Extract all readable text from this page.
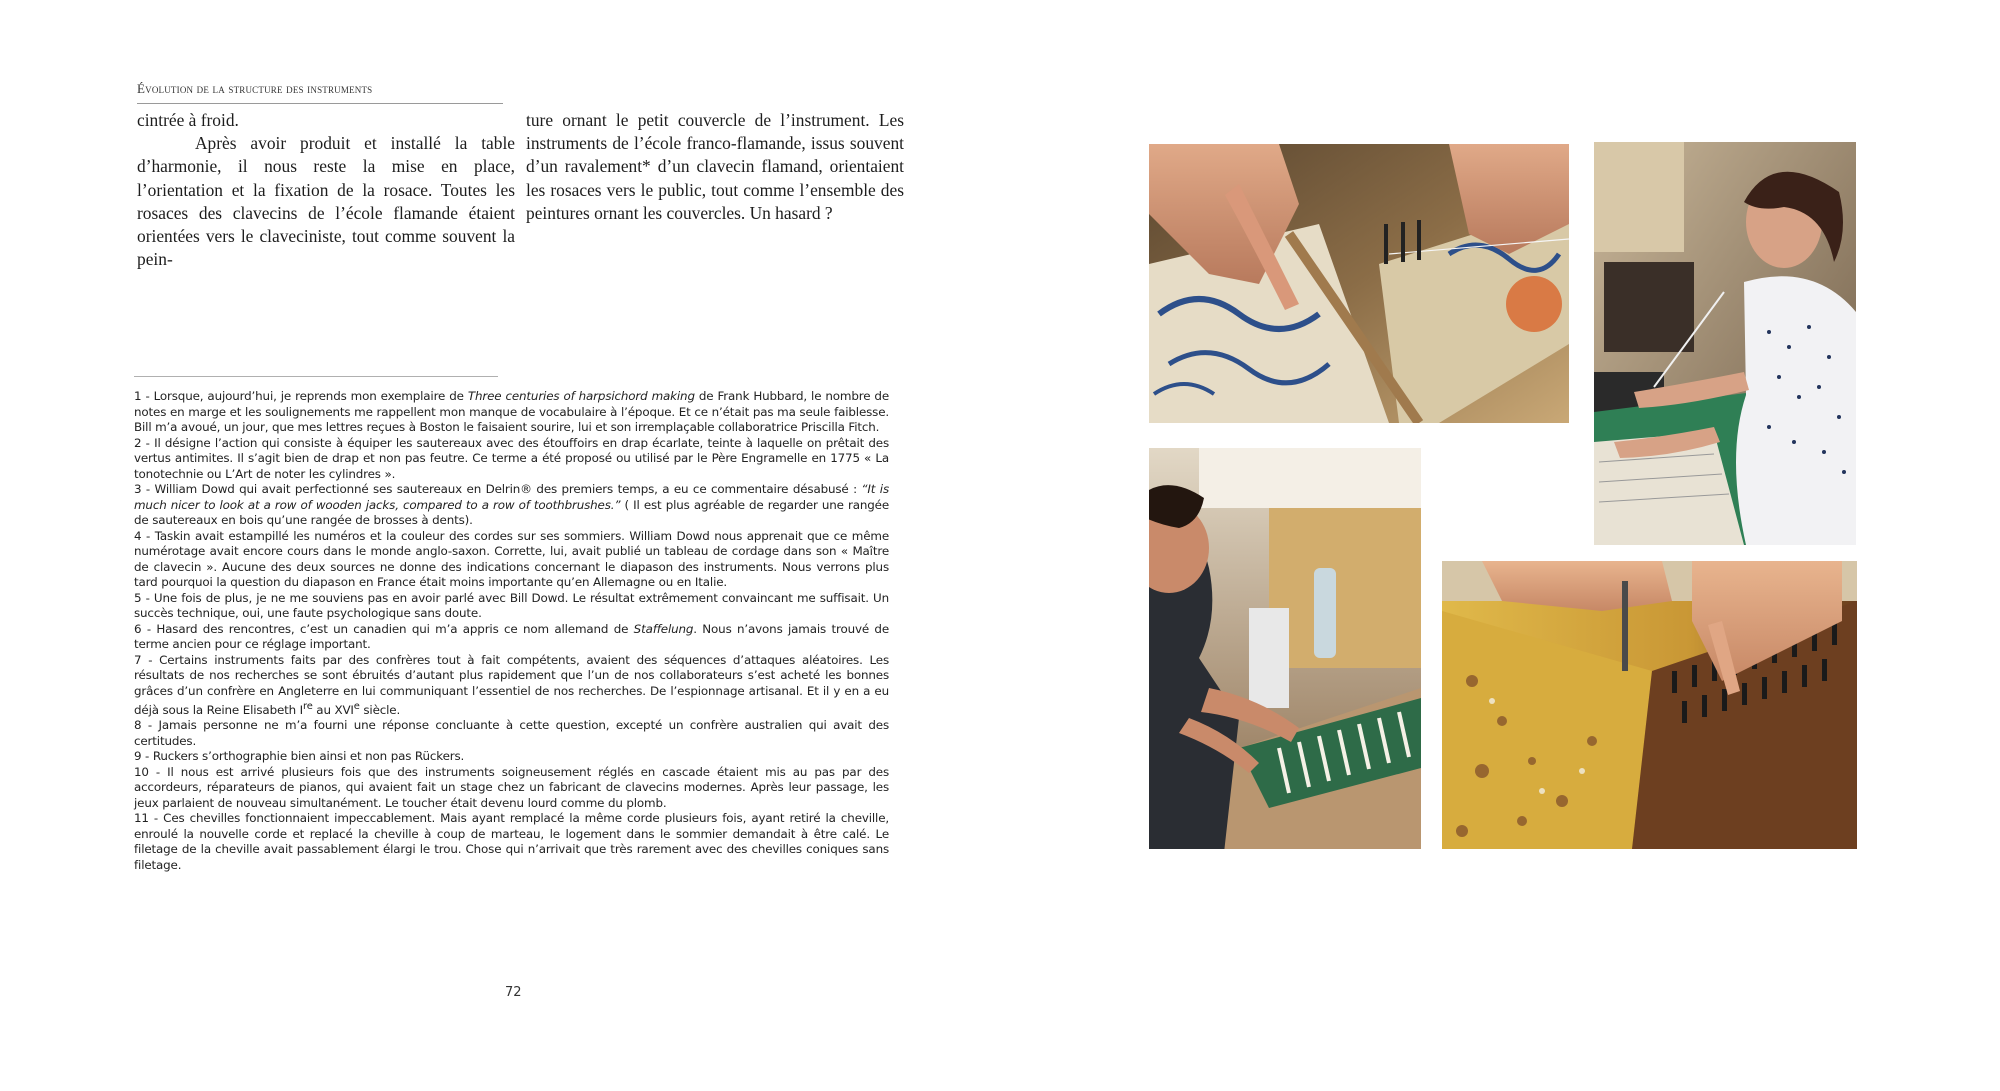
Évolution de la structure des instruments

cintrée à froid.

Après avoir produit et installé la table d’harmonie, il nous reste la mise en place, l’orientation et la fixation de la rosace. Toutes les rosaces des clavecins de l’école flamande étaient orientées vers le claveciniste, tout comme souvent la pein-

ture ornant le petit couvercle de l’instrument. Les instruments de l’école franco-flamande, issus souvent d’un ravalement* d’un clavecin flamand, orientaient les rosaces vers le public, tout comme l’ensemble des peintures ornant les couvercles. Un hasard ?

1 - Lorsque, aujourd’hui, je reprends mon exemplaire de Three centuries of harpsichord making de Frank Hubbard, le nombre de notes en marge et les soulignements me rappellent mon manque de vocabulaire à l’époque. Et ce n’était pas ma seule faiblesse. Bill m’a avoué, un jour, que mes lettres reçues à Boston le faisaient sourire, lui et son irremplaçable collaboratrice Priscilla Fitch.

2 - Il désigne l’action qui consiste à équiper les sautereaux avec des étouffoirs en drap écarlate, teinte à laquelle on prêtait des vertus antimites. Il s’agit bien de drap et non pas feutre. Ce terme a été proposé ou utilisé par le Père Engramelle en 1775 « La tonotechnie ou L’Art de noter les cylindres ».

3 - William Dowd qui avait perfectionné ses sautereaux en Delrin® des premiers temps, a eu ce commentaire désabusé : “It is much nicer to look at a row of wooden jacks, compared to a row of toothbrushes.” ( Il est plus agréable de regarder une rangée de sautereaux en bois qu’une rangée de brosses à dents).

4 - Taskin avait estampillé les numéros et la couleur des cordes sur ses sommiers. William Dowd nous apprenait que ce même numérotage avait encore cours dans le monde anglo-saxon. Corrette, lui, avait publié un tableau de cordage dans son « Maître de clavecin ». Aucune des deux sources ne donne des indications concernant le diapason des instruments. Nous verrons plus tard pourquoi la question du diapason en France était moins importante qu’en Allemagne ou en Italie.

5 - Une fois de plus, je ne me souviens pas en avoir parlé avec Bill Dowd. Le résultat extrêmement convaincant me suffisait. Un succès technique, oui, une faute psychologique sans doute.

6 - Hasard des rencontres, c’est un canadien qui m’a appris ce nom allemand de Staffelung. Nous n’avons jamais trouvé de terme ancien pour ce réglage important.

7 - Certains instruments faits par des confrères tout à fait compétents, avaient des séquences d’attaques aléatoires. Les résultats de nos recherches se sont ébruités d’autant plus rapidement que l’un de nos collaborateurs s’est acheté les bonnes grâces d’un confrère en Angleterre en lui communiquant l’essentiel de nos recherches. De l’espionnage artisanal. Et il y en a eu déjà sous la Reine Elisabeth Ire au XVIe siècle.

8 - Jamais personne ne m’a fourni une réponse concluante à cette question, excepté un confrère australien qui avait des certitudes.

9 - Ruckers s’orthographie bien ainsi et non pas Rückers.

10 - Il nous est arrivé plusieurs fois que des instruments soigneusement réglés en cascade étaient mis au pas par des accordeurs, réparateurs de pianos, qui avaient fait un stage chez un fabricant de clavecins modernes. Après leur passage, les jeux parlaient de nouveau simultanément. Le toucher était devenu lourd comme du plomb.

11 - Ces chevilles fonctionnaient impeccablement. Mais ayant remplacé la même corde plusieurs fois, ayant retiré la cheville, enroulé la nouvelle corde et replacé la cheville à coup de marteau, le logement dans le sommier demandait à être calé. Le filetage de la cheville avait passablement élargi le trou. Chose qui n’arrivait que très rarement avec des chevilles coniques sans filetage.

72
